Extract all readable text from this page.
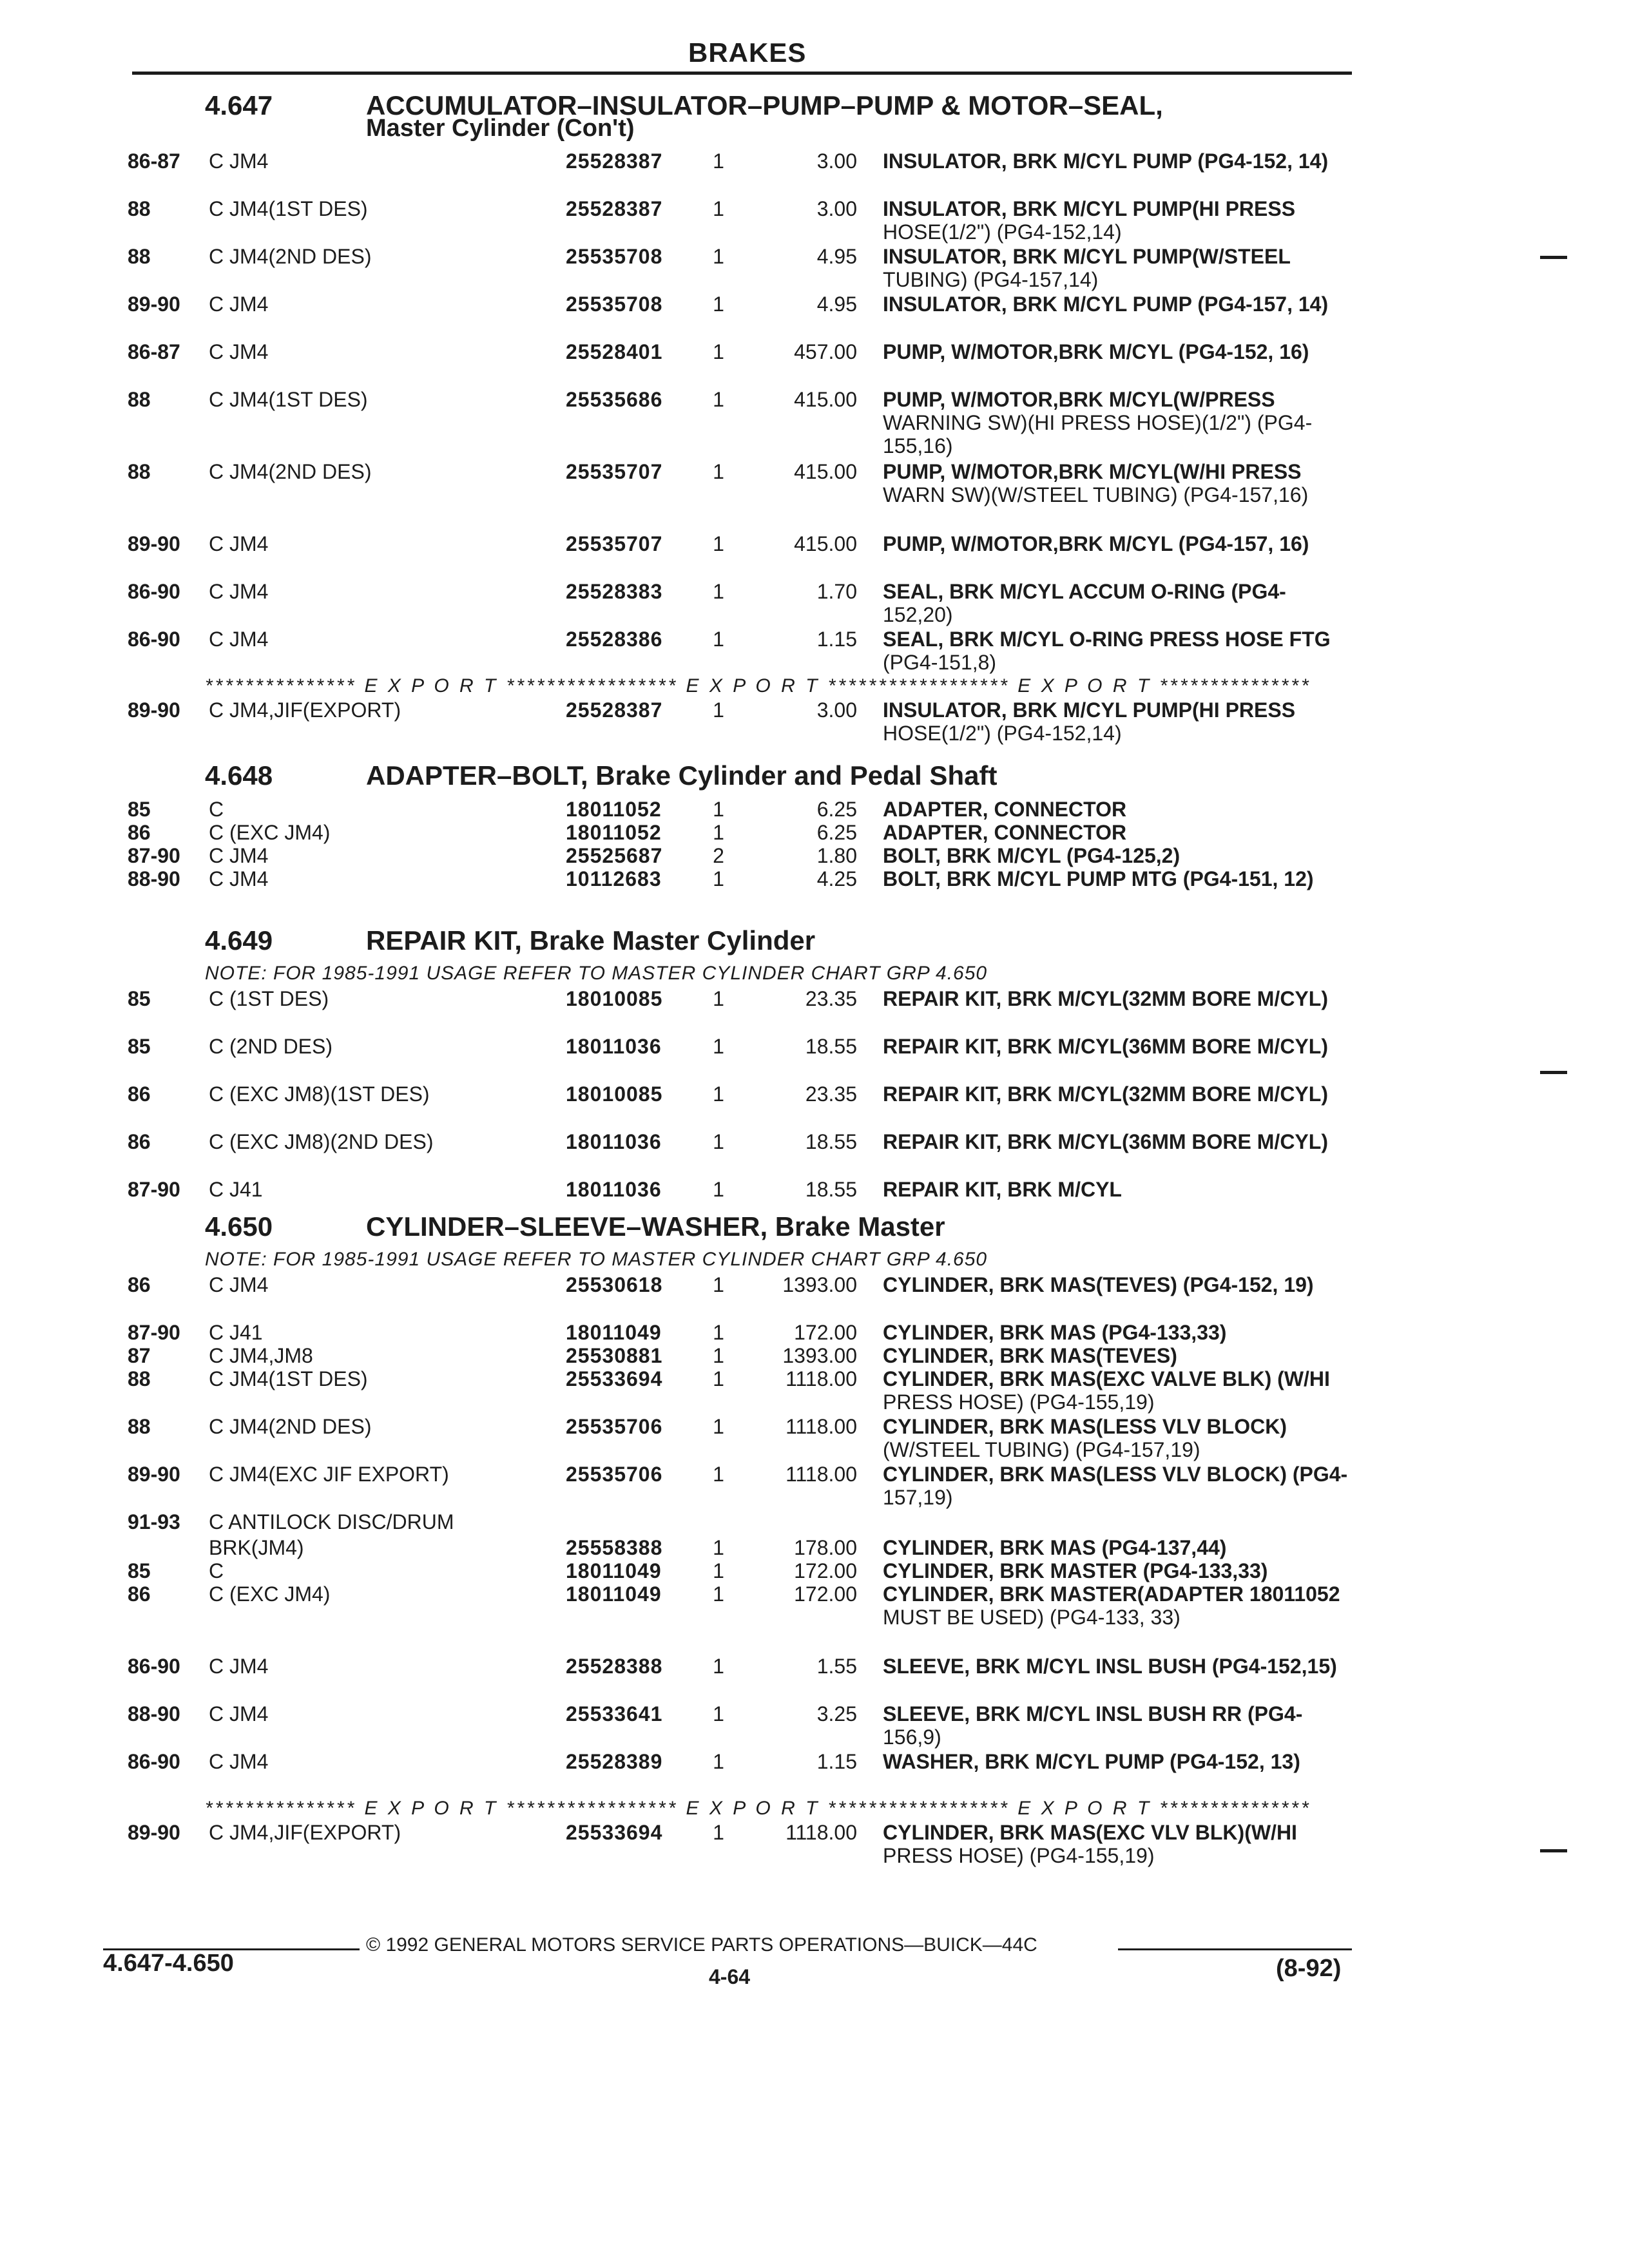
BRAKES
4.647	ACCUMULATOR–INSULATOR–PUMP–PUMP & MOTOR–SEAL,
Master Cylinder (Con't)
86-87	C JM4	25528387	1	3.00 INSULATOR, BRK M/CYL PUMP (PG4-152, 14)
88	C JM4(1ST DES)	25528387	1	3.00 INSULATOR, BRK M/CYL PUMP(HI PRESS HOSE(1/2") (PG4-152,14)
88	C JM4(2ND DES)	25535708	1	4.95 INSULATOR, BRK M/CYL PUMP(W/STEEL TUBING) (PG4-157,14)
89-90	C JM4	25535708	1	4.95 INSULATOR, BRK M/CYL PUMP (PG4-157, 14)
86-87	C JM4	25528401	1	457.00 PUMP, W/MOTOR,BRK M/CYL (PG4-152, 16)
88	C JM4(1ST DES)	25535686	1	415.00 PUMP, W/MOTOR,BRK M/CYL(W/PRESS WARNING SW)(HI PRESS HOSE)(1/2") (PG4-155,16)
88	C JM4(2ND DES)	25535707	1	415.00 PUMP, W/MOTOR,BRK M/CYL(W/HI PRESS WARN SW)(W/STEEL TUBING) (PG4-157,16)
89-90	C JM4	25535707	1	415.00 PUMP, W/MOTOR,BRK M/CYL (PG4-157, 16)
86-90	C JM4	25528383	1	1.70 SEAL, BRK M/CYL ACCUM O-RING (PG4-152,20)
86-90	C JM4	25528386	1	1.15 SEAL, BRK M/CYL O-RING PRESS HOSE FTG (PG4-151,8)
*************** E X P O R T ***************** E X P O R T ****************** E X P O R T ***************
89-90	C JM4,JIF(EXPORT)	25528387	1	3.00 INSULATOR, BRK M/CYL PUMP(HI PRESS HOSE(1/2") (PG4-152,14)
4.648	ADAPTER–BOLT, Brake Cylinder and Pedal Shaft
85	C	18011052	1	6.25 ADAPTER, CONNECTOR
86	C (EXC JM4)	18011052	1	6.25 ADAPTER, CONNECTOR
87-90	C JM4	25525687	2	1.80 BOLT, BRK M/CYL (PG4-125,2)
88-90	C JM4	10112683	1	4.25 BOLT, BRK M/CYL PUMP MTG (PG4-151, 12)
4.649	REPAIR KIT, Brake Master Cylinder
NOTE: FOR 1985-1991 USAGE REFER TO MASTER CYLINDER CHART GRP 4.650
85	C (1ST DES)	18010085	1	23.35 REPAIR KIT, BRK M/CYL(32MM BORE M/CYL)
85	C (2ND DES)	18011036	1	18.55 REPAIR KIT, BRK M/CYL(36MM BORE M/CYL)
86	C (EXC JM8)(1ST DES)	18010085	1	23.35 REPAIR KIT, BRK M/CYL(32MM BORE M/CYL)
86	C (EXC JM8)(2ND DES)	18011036	1	18.55 REPAIR KIT, BRK M/CYL(36MM BORE M/CYL)
87-90	C J41	18011036	1	18.55 REPAIR KIT, BRK M/CYL
4.650	CYLINDER–SLEEVE–WASHER, Brake Master
NOTE: FOR 1985-1991 USAGE REFER TO MASTER CYLINDER CHART GRP 4.650
86	C JM4	25530618	1	1393.00 CYLINDER, BRK MAS(TEVES) (PG4-152, 19)
87-90	C J41	18011049	1	172.00 CYLINDER, BRK MAS (PG4-133,33)
87	C JM4,JM8	25530881	1	1393.00 CYLINDER, BRK MAS(TEVES)
88	C JM4(1ST DES)	25533694	1	1118.00 CYLINDER, BRK MAS(EXC VALVE BLK) (W/HI PRESS HOSE) (PG4-155,19)
88	C JM4(2ND DES)	25535706	1	1118.00 CYLINDER, BRK MAS(LESS VLV BLOCK) (W/STEEL TUBING) (PG4-157,19)
89-90	C JM4(EXC JIF EXPORT)	25535706	1	1118.00 CYLINDER, BRK MAS(LESS VLV BLOCK) (PG4-157,19)
91-93	C ANTILOCK DISC/DRUM
BRK(JM4)	25558388	1	178.00 CYLINDER, BRK MAS (PG4-137,44)
85	C	18011049	1	172.00 CYLINDER, BRK MASTER (PG4-133,33)
86	C (EXC JM4)	18011049	1	172.00 CYLINDER, BRK MASTER(ADAPTER 18011052 MUST BE USED) (PG4-133, 33)
86-90	C JM4	25528388	1	1.55 SLEEVE, BRK M/CYL INSL BUSH (PG4-152,15)
88-90	C JM4	25533641	1	3.25 SLEEVE, BRK M/CYL INSL BUSH RR (PG4-156,9)
86-90	C JM4	25528389	1	1.15 WASHER, BRK M/CYL PUMP (PG4-152, 13)
*************** E X P O R T ***************** E X P O R T ****************** E X P O R T ***************
89-90	C JM4,JIF(EXPORT)	25533694	1	1118.00 CYLINDER, BRK MAS(EXC VLV BLK)(W/HI PRESS HOSE) (PG4-155,19)
© 1992 GENERAL MOTORS SERVICE PARTS OPERATIONS—BUICK—44C
4.647-4.650	4-64	(8-92)
